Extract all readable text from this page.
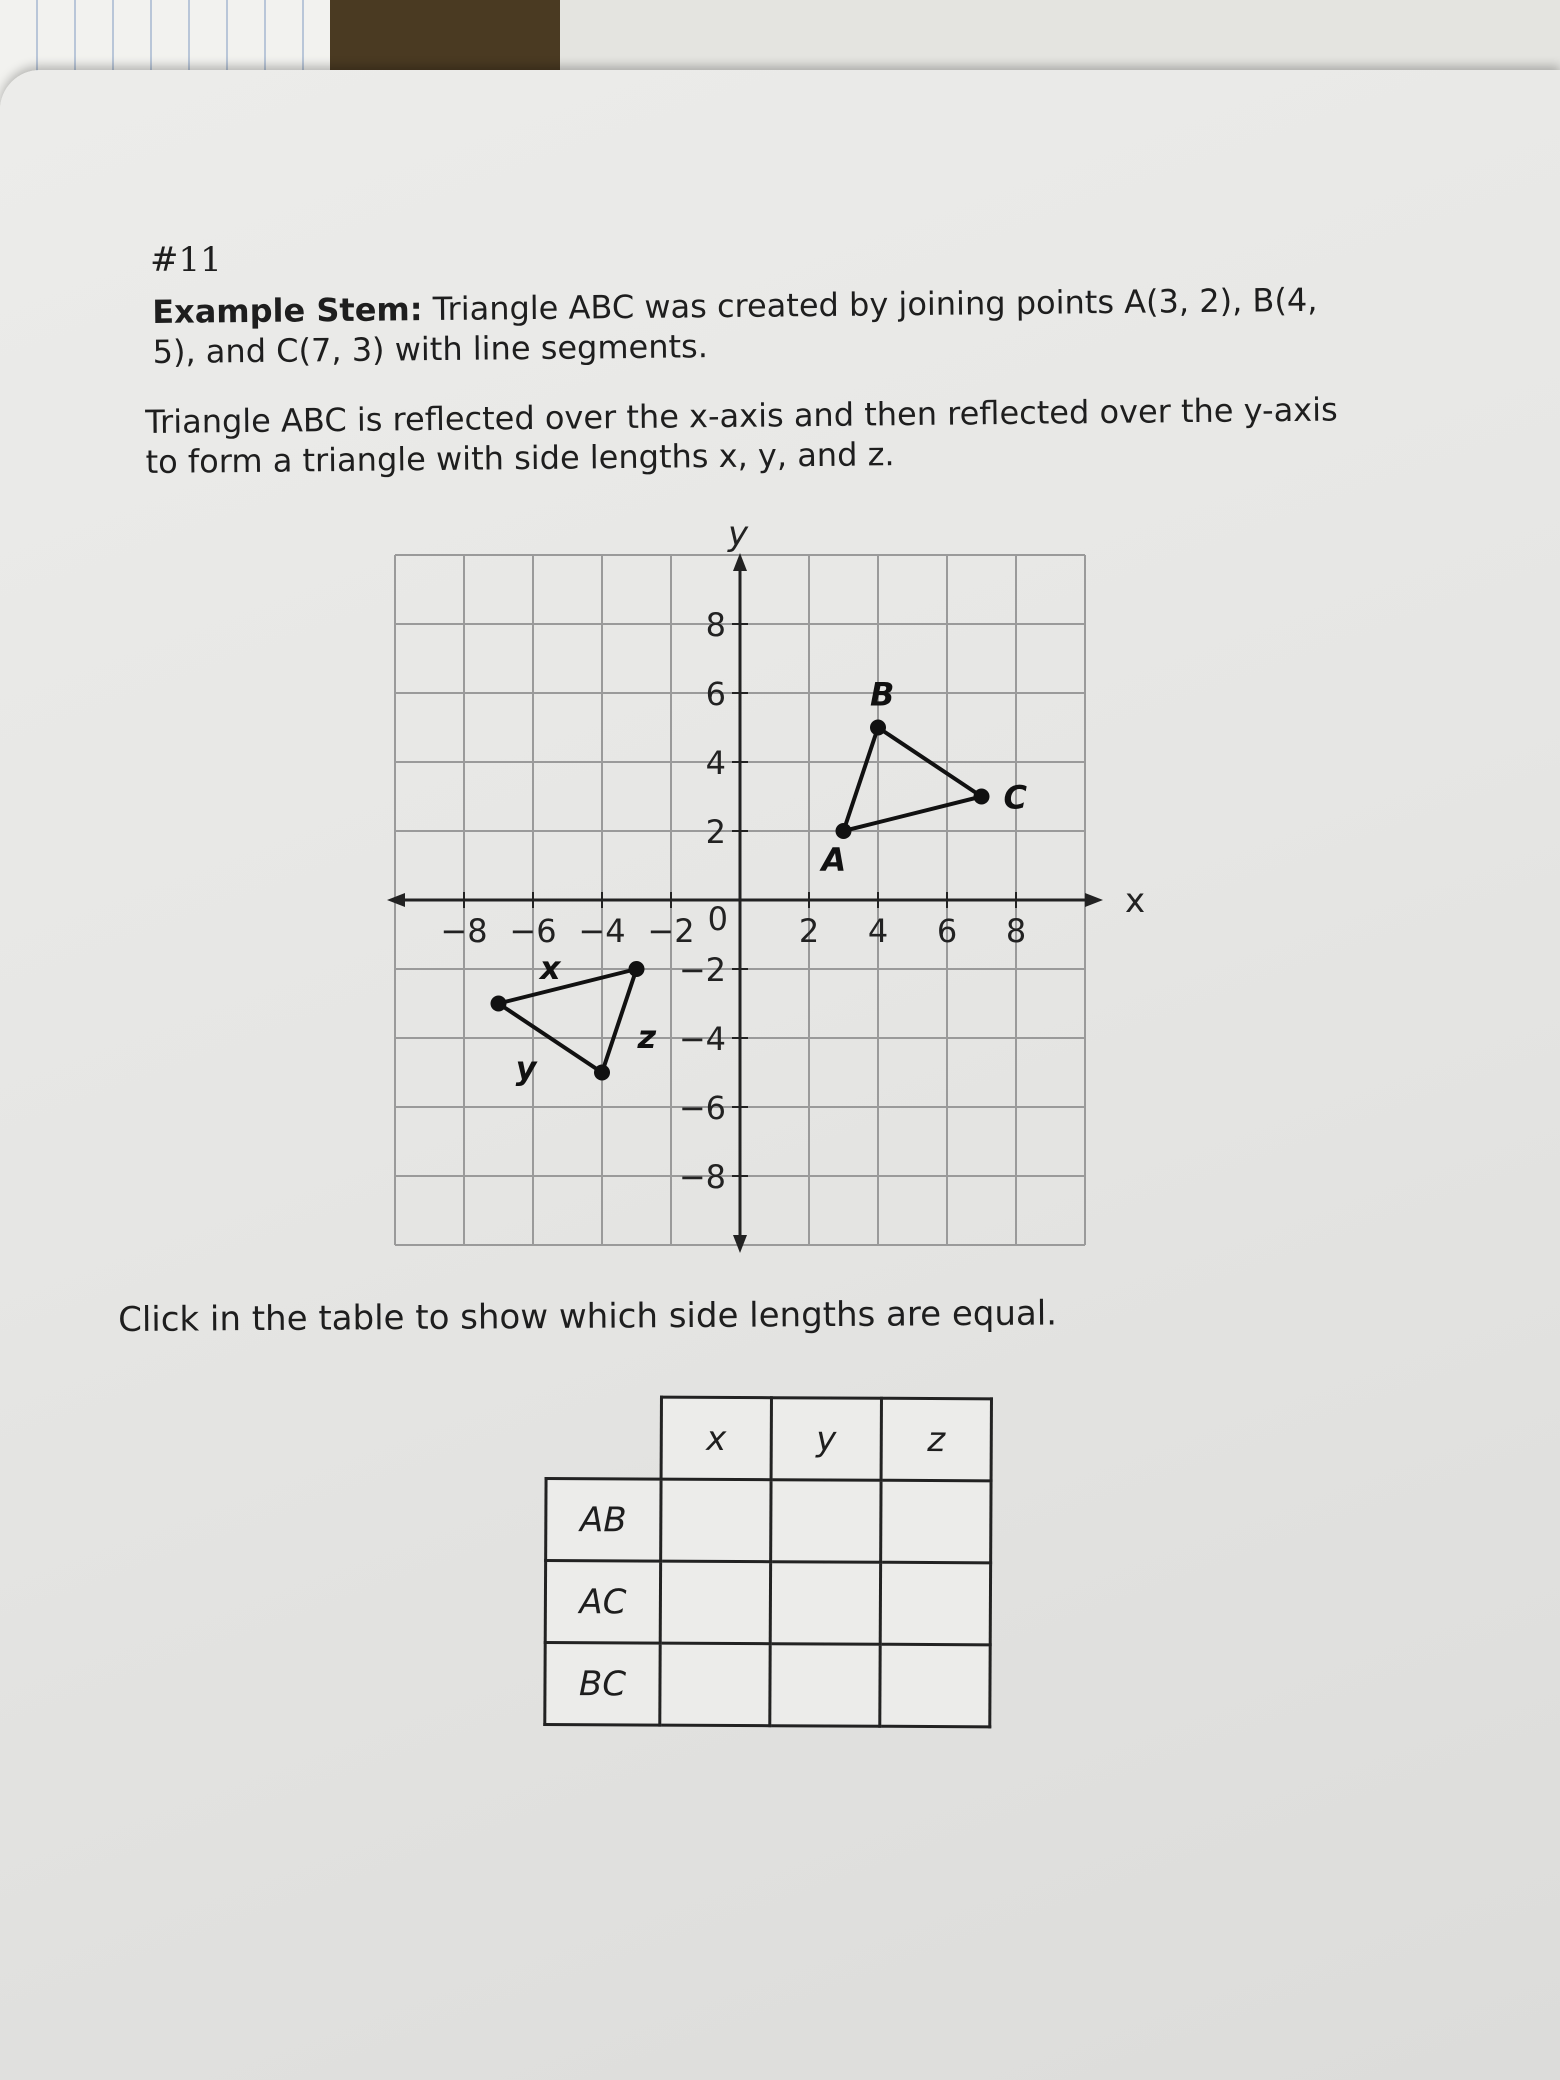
#11
Example Stem: Triangle ABC was created by joining points A(3, 2), B(4, 5), and C(7, 3) with line segments.
Triangle ABC is reflected over the x-axis and then reflected over the y-axis to form a triangle with side lengths x, y, and z.
x
y
−8 −6 −4 −2	2 4 6 8
8
6
4
2
−2
−4
−6
−8
0
A
B
C
x
y
z
Click in the table to show which side lengths are equal.
	x	y	z
AB			
AC			
BC			
